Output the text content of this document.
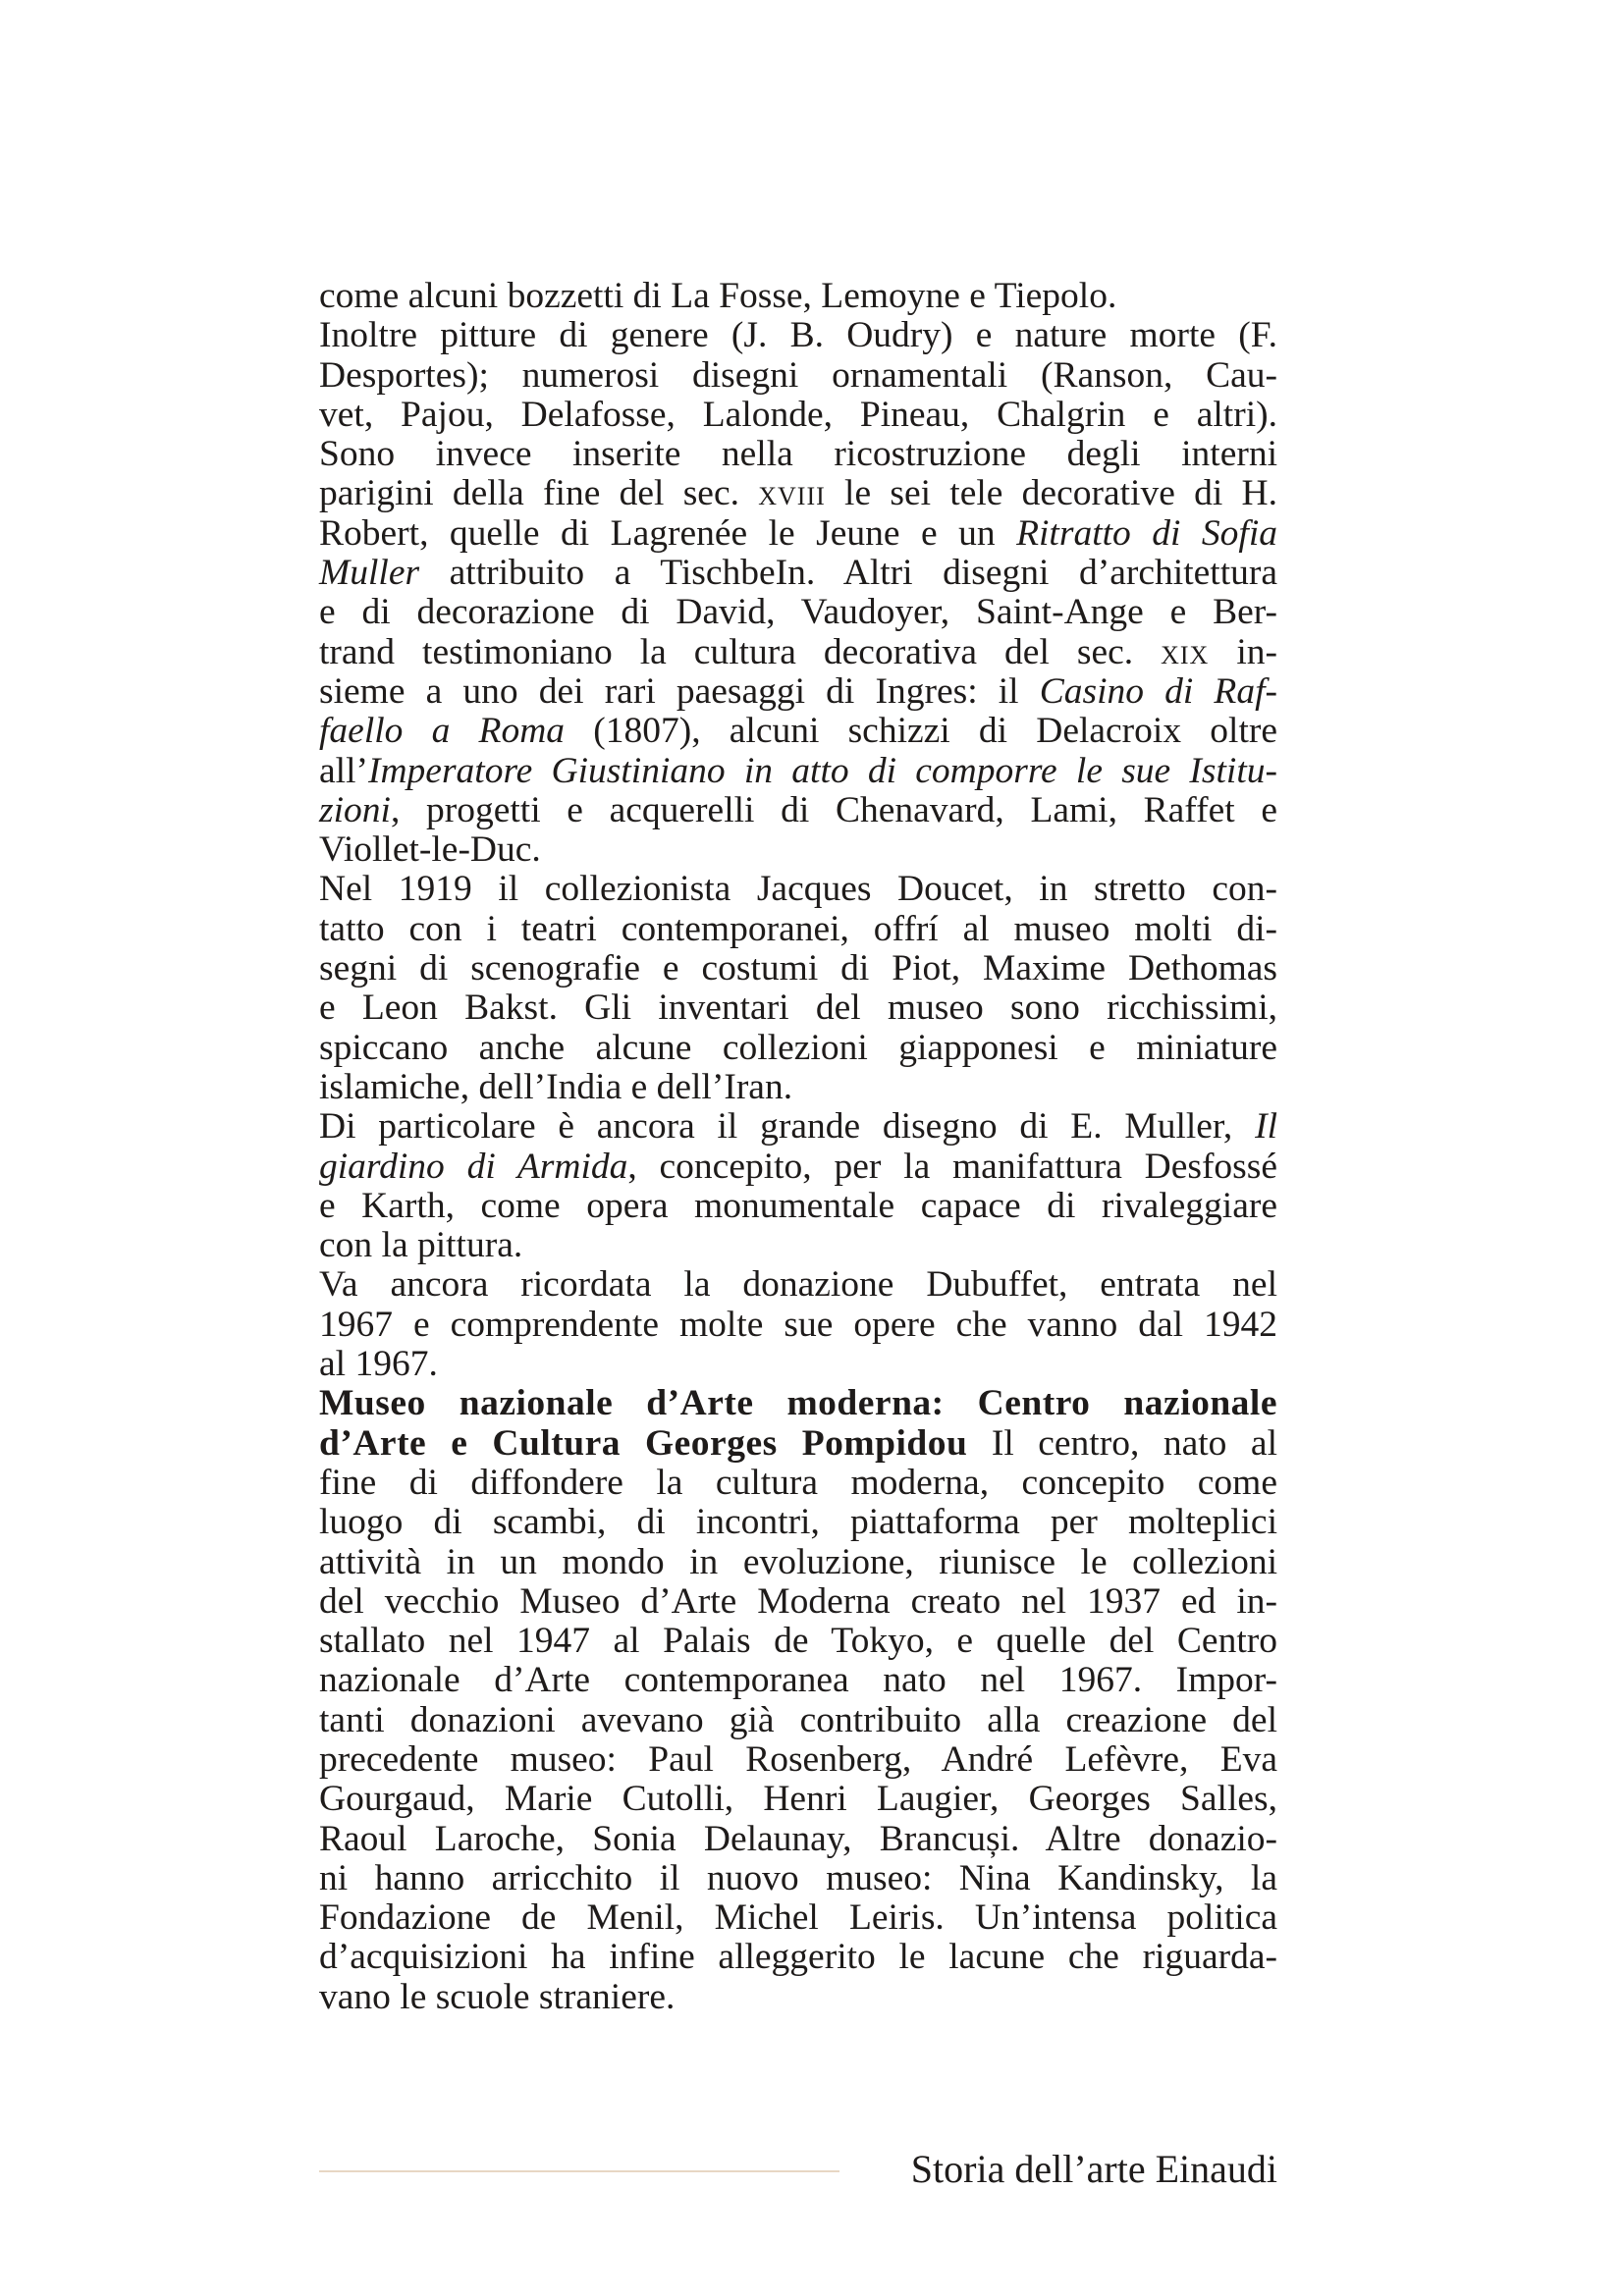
come alcuni bozzetti di La Fosse, Lemoyne e Tiepolo.
Inoltre pitture di genere (J. B. Oudry) e nature morte (F.
Desportes); numerosi disegni ornamentali (Ranson, Cau-
vet, Pajou, Delafosse, Lalonde, Pineau, Chalgrin e altri).
Sono invece inserite nella ricostruzione degli interni
parigini della fine del sec. xviii le sei tele decorative di H.
Robert, quelle di Lagrenée le Jeune e un Ritratto di Sofia
Muller attribuito a TischbeIn. Altri disegni d’architettura
e di decorazione di David, Vaudoyer, Saint-Ange e Ber-
trand testimoniano la cultura decorativa del sec. xix in-
sieme a uno dei rari paesaggi di Ingres: il Casino di Raf-
faello a Roma (1807), alcuni schizzi di Delacroix oltre
all’Imperatore Giustiniano in atto di comporre le sue Istitu-
zioni, progetti e acquerelli di Chenavard, Lami, Raffet e
Viollet-le-Duc.
Nel 1919 il collezionista Jacques Doucet, in stretto con-
tatto con i teatri contemporanei, offrí al museo molti di-
segni di scenografie e costumi di Piot, Maxime Dethomas
e Leon Bakst. Gli inventari del museo sono ricchissimi,
spiccano anche alcune collezioni giapponesi e miniature
islamiche, dell’India e dell’Iran.
Di particolare è ancora il grande disegno di E. Muller, Il
giardino di Armida, concepito, per la manifattura Desfossé
e Karth, come opera monumentale capace di rivaleggiare
con la pittura.
Va ancora ricordata la donazione Dubuffet, entrata nel
1967 e comprendente molte sue opere che vanno dal 1942
al 1967.
Museo nazionale d’Arte moderna: Centro nazionale
d’Arte e Cultura Georges Pompidou Il centro, nato al
fine di diffondere la cultura moderna, concepito come
luogo di scambi, di incontri, piattaforma per molteplici
attività in un mondo in evoluzione, riunisce le collezioni
del vecchio Museo d’Arte Moderna creato nel 1937 ed in-
stallato nel 1947 al Palais de Tokyo, e quelle del Centro
nazionale d’Arte contemporanea nato nel 1967. Impor-
tanti donazioni avevano già contribuito alla creazione del
precedente museo: Paul Rosenberg, André Lefèvre, Eva
Gourgaud, Marie Cutolli, Henri Laugier, Georges Salles,
Raoul Laroche, Sonia Delaunay, Brancuși. Altre donazio-
ni hanno arricchito il nuovo museo: Nina Kandinsky, la
Fondazione de Menil, Michel Leiris. Un’intensa politica
d’acquisizioni ha infine alleggerito le lacune che riguarda-
vano le scuole straniere.
Storia dell’arte Einaudi
